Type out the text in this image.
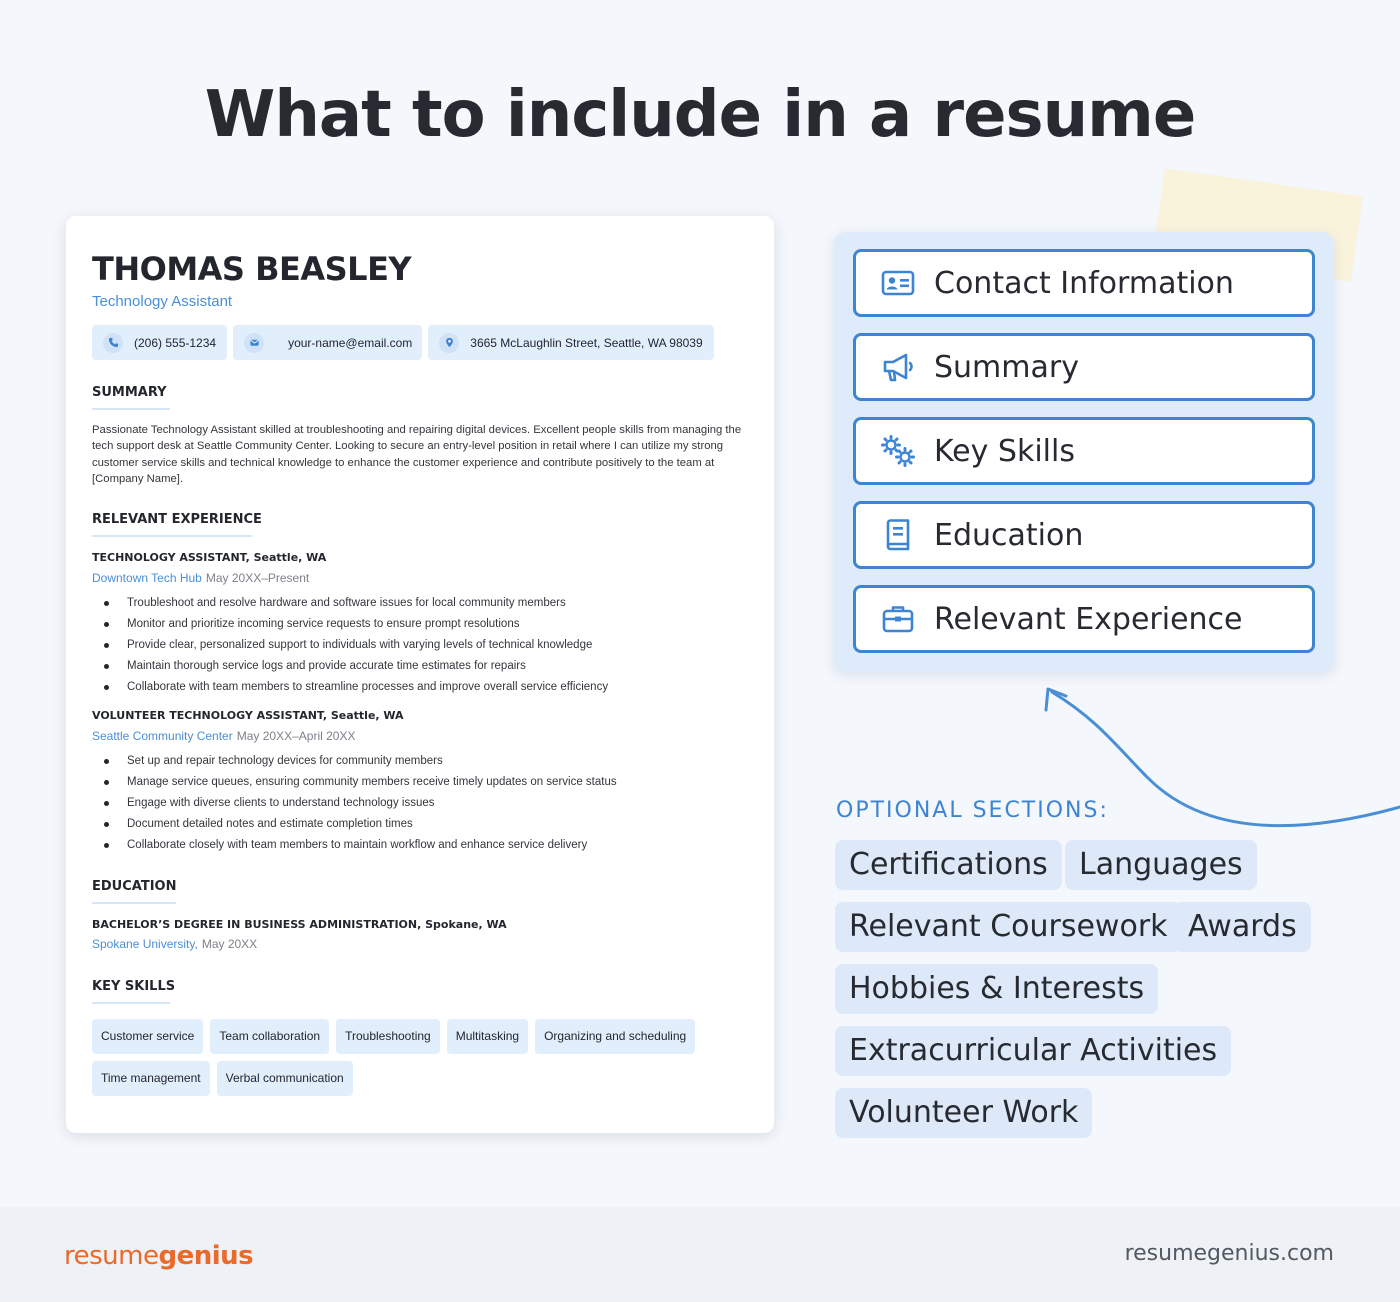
What to include in a resume
THOMAS BEASLEY
Technology Assistant
(206) 555-1234	your-name@email.com	3665 McLaughlin Street, Seattle, WA 98039
SUMMARY

Passionate Technology Assistant skilled at troubleshooting and repairing digital devices. Excellent people skills from managing the tech support desk at Seattle Community Center. Looking to secure an entry-level position in retail where I can utilize my strong customer service skills and technical knowledge to enhance the customer experience and contribute positively to the team at [Company Name].

RELEVANT EXPERIENCE
TECHNOLOGY ASSISTANT, Seattle, WA
Downtown Tech Hub May 20XX–Present
Troubleshoot and resolve hardware and software issues for local community members
Monitor and prioritize incoming service requests to ensure prompt resolutions
Provide clear, personalized support to individuals with varying levels of technical knowledge
Maintain thorough service logs and provide accurate time estimates for repairs
Collaborate with team members to streamline processes and improve overall service efficiency
VOLUNTEER TECHNOLOGY ASSISTANT, Seattle, WA
Seattle Community Center May 20XX–April 20XX
Set up and repair technology devices for community members
Manage service queues, ensuring community members receive timely updates on service status
Engage with diverse clients to understand technology issues
Document detailed notes and estimate completion times
Collaborate closely with team members to maintain workflow and enhance service delivery
EDUCATION
BACHELOR’S DEGREE IN BUSINESS ADMINISTRATION, Spokane, WA
Spokane University, May 20XX
KEY SKILLS
Customer service	Team collaboration	Troubleshooting	Multitasking	Organizing and scheduling
Time management	Verbal communication
Contact Information
Summary
Key Skills
Education
Relevant Experience
OPTIONAL SECTIONS:
Certifications	Languages
Relevant Coursework Awards
Hobbies & Interests
Extracurricular Activities
Volunteer Work
resumegenius	resumegenius.com
